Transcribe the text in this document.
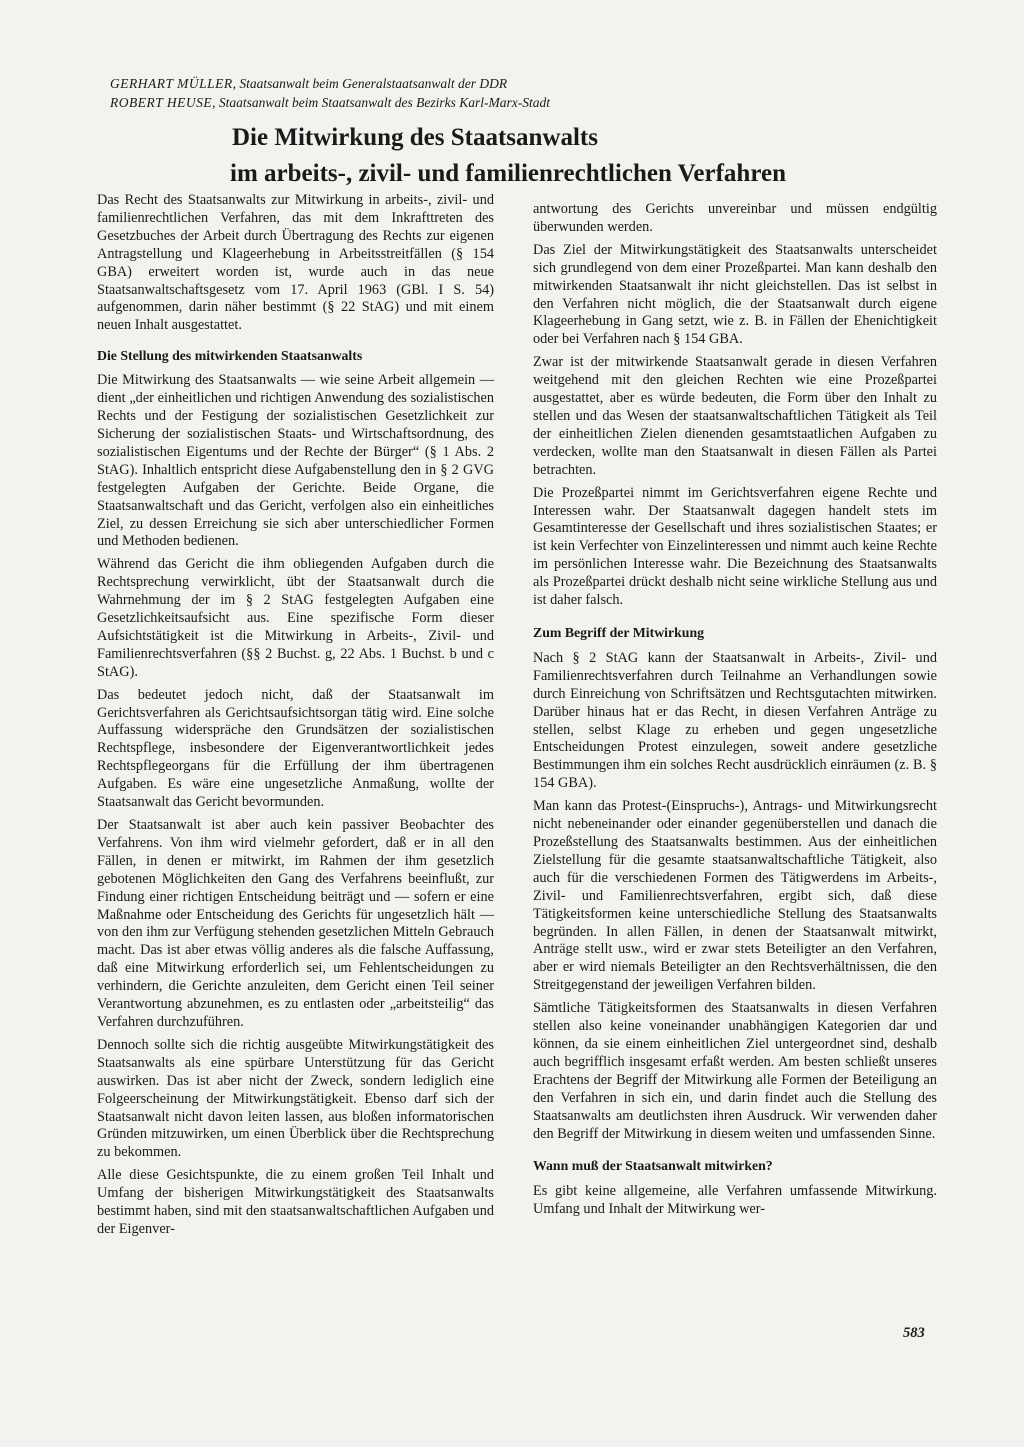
GERHART MÜLLER, Staatsanwalt beim Generalstaatsanwalt der DDR
ROBERT HEUSE, Staatsanwalt beim Staatsanwalt des Bezirks Karl-Marx-Stadt
Die Mitwirkung des Staatsanwalts
im arbeits-, zivil- und familienrechtlichen Verfahren

Das Recht des Staatsanwalts zur Mitwirkung in arbeits-, zivil- und familienrechtlichen Verfahren, das mit dem Inkrafttreten des Gesetzbuches der Arbeit durch Übertragung des Rechts zur eigenen Antragstellung und Klageerhebung in Arbeitsstreitfällen (§ 154 GBA) erweitert worden ist, wurde auch in das neue Staatsanwaltschaftsgesetz vom 17. April 1963 (GBl. I S. 54) aufgenommen, darin näher bestimmt (§ 22 StAG) und mit einem neuen Inhalt ausgestattet.

Die Stellung des mitwirkenden Staatsanwalts

Die Mitwirkung des Staatsanwalts — wie seine Arbeit allgemein — dient „der einheitlichen und richtigen Anwendung des sozialistischen Rechts und der Festigung der sozialistischen Gesetzlichkeit zur Sicherung der sozialistischen Staats- und Wirtschaftsordnung, des sozialistischen Eigentums und der Rechte der Bürger“ (§ 1 Abs. 2 StAG). Inhaltlich entspricht diese Aufgabenstellung den in § 2 GVG festgelegten Aufgaben der Gerichte. Beide Organe, die Staatsanwaltschaft und das Gericht, verfolgen also ein einheitliches Ziel, zu dessen Erreichung sie sich aber unterschiedlicher Formen und Methoden bedienen.

Während das Gericht die ihm obliegenden Aufgaben durch die Rechtsprechung verwirklicht, übt der Staatsanwalt durch die Wahrnehmung der im § 2 StAG festgelegten Aufgaben eine Gesetzlichkeitsaufsicht aus. Eine spezifische Form dieser Aufsichtstätigkeit ist die Mitwirkung in Arbeits-, Zivil- und Familienrechtsverfahren (§§ 2 Buchst. g, 22 Abs. 1 Buchst. b und c StAG).

Das bedeutet jedoch nicht, daß der Staatsanwalt im Gerichtsverfahren als Gerichtsaufsichtsorgan tätig wird. Eine solche Auffassung widerspräche den Grundsätzen der sozialistischen Rechtspflege, insbesondere der Eigenverantwortlichkeit jedes Rechtspflegeorgans für die Erfüllung der ihm übertragenen Aufgaben. Es wäre eine ungesetzliche Anmaßung, wollte der Staatsanwalt das Gericht bevormunden.

Der Staatsanwalt ist aber auch kein passiver Beobachter des Verfahrens. Von ihm wird vielmehr gefordert, daß er in all den Fällen, in denen er mitwirkt, im Rahmen der ihm gesetzlich gebotenen Möglichkeiten den Gang des Verfahrens beeinflußt, zur Findung einer richtigen Entscheidung beiträgt und — sofern er eine Maßnahme oder Entscheidung des Gerichts für ungesetzlich hält — von den ihm zur Verfügung stehenden gesetzlichen Mitteln Gebrauch macht. Das ist aber etwas völlig anderes als die falsche Auffassung, daß eine Mitwirkung erforderlich sei, um Fehlentscheidungen zu verhindern, die Gerichte anzuleiten, dem Gericht einen Teil seiner Verantwortung abzunehmen, es zu entlasten oder „arbeitsteilig“ das Verfahren durchzuführen.

Dennoch sollte sich die richtig ausgeübte Mitwirkungstätigkeit des Staatsanwalts als eine spürbare Unterstützung für das Gericht auswirken. Das ist aber nicht der Zweck, sondern lediglich eine Folgeerscheinung der Mitwirkungstätigkeit. Ebenso darf sich der Staatsanwalt nicht davon leiten lassen, aus bloßen informatorischen Gründen mitzuwirken, um einen Überblick über die Rechtsprechung zu bekommen.

Alle diese Gesichtspunkte, die zu einem großen Teil Inhalt und Umfang der bisherigen Mitwirkungstätigkeit des Staatsanwalts bestimmt haben, sind mit den staatsanwaltschaftlichen Aufgaben und der Eigenver-

antwortung des Gerichts unvereinbar und müssen endgültig überwunden werden.

Das Ziel der Mitwirkungstätigkeit des Staatsanwalts unterscheidet sich grundlegend von dem einer Prozeßpartei. Man kann deshalb den mitwirkenden Staatsanwalt ihr nicht gleichstellen. Das ist selbst in den Verfahren nicht möglich, die der Staatsanwalt durch eigene Klageerhebung in Gang setzt, wie z. B. in Fällen der Ehenichtigkeit oder bei Verfahren nach § 154 GBA.

Zwar ist der mitwirkende Staatsanwalt gerade in diesen Verfahren weitgehend mit den gleichen Rechten wie eine Prozeßpartei ausgestattet, aber es würde bedeuten, die Form über den Inhalt zu stellen und das Wesen der staatsanwaltschaftlichen Tätigkeit als Teil der einheitlichen Zielen dienenden gesamtstaatlichen Aufgaben zu verdecken, wollte man den Staatsanwalt in diesen Fällen als Partei betrachten.

Die Prozeßpartei nimmt im Gerichtsverfahren eigene Rechte und Interessen wahr. Der Staatsanwalt dagegen handelt stets im Gesamtinteresse der Gesellschaft und ihres sozialistischen Staates; er ist kein Verfechter von Einzelinteressen und nimmt auch keine Rechte im persönlichen Interesse wahr. Die Bezeichnung des Staatsanwalts als Prozeßpartei drückt deshalb nicht seine wirkliche Stellung aus und ist daher falsch.

Zum Begriff der Mitwirkung

Nach § 2 StAG kann der Staatsanwalt in Arbeits-, Zivil- und Familienrechtsverfahren durch Teilnahme an Verhandlungen sowie durch Einreichung von Schriftsätzen und Rechtsgutachten mitwirken. Darüber hinaus hat er das Recht, in diesen Verfahren Anträge zu stellen, selbst Klage zu erheben und gegen ungesetzliche Entscheidungen Protest einzulegen, soweit andere gesetzliche Bestimmungen ihm ein solches Recht ausdrücklich einräumen (z. B. § 154 GBA).

Man kann das Protest-(Einspruchs-), Antrags- und Mitwirkungsrecht nicht nebeneinander oder einander gegenüberstellen und danach die Prozeßstellung des Staatsanwalts bestimmen. Aus der einheitlichen Zielstellung für die gesamte staatsanwaltschaftliche Tätigkeit, also auch für die verschiedenen Formen des Tätigwerdens im Arbeits-, Zivil- und Familienrechtsverfahren, ergibt sich, daß diese Tätigkeitsformen keine unterschiedliche Stellung des Staatsanwalts begründen. In allen Fällen, in denen der Staatsanwalt mitwirkt, Anträge stellt usw., wird er zwar stets Beteiligter an den Verfahren, aber er wird niemals Beteiligter an den Rechtsverhältnissen, die den Streitgegenstand der jeweiligen Verfahren bilden.

Sämtliche Tätigkeitsformen des Staatsanwalts in diesen Verfahren stellen also keine voneinander unabhängigen Kategorien dar und können, da sie einem einheitlichen Ziel untergeordnet sind, deshalb auch begrifflich insgesamt erfaßt werden. Am besten schließt unseres Erachtens der Begriff der Mitwirkung alle Formen der Beteiligung an den Verfahren in sich ein, und darin findet auch die Stellung des Staatsanwalts am deutlichsten ihren Ausdruck. Wir verwenden daher den Begriff der Mitwirkung in diesem weiten und umfassenden Sinne.

Wann muß der Staatsanwalt mitwirken?

Es gibt keine allgemeine, alle Verfahren umfassende Mitwirkung. Umfang und Inhalt der Mitwirkung wer-

583
